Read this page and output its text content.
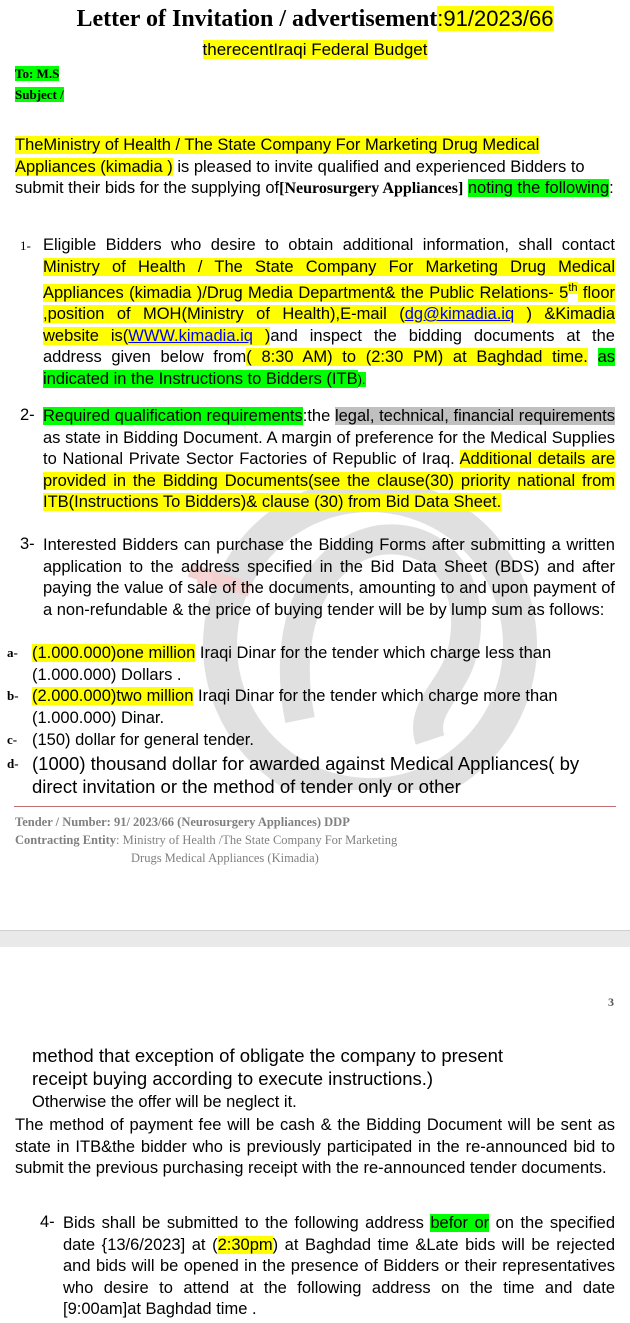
Letter of Invitation / advertisement:91/2023/66
therecentIraqi Federal Budget
To: M.S
Subject /
TheMinistry of Health / The State Company For Marketing Drug Medical Appliances (kimadia ) is pleased to invite qualified and experienced Bidders to submit their bids for the supplying of[Neurosurgery Appliances] noting the following:
1- Eligible Bidders who desire to obtain additional information, shall contact Ministry of Health / The State Company For Marketing Drug Medical Appliances (kimadia )/Drug Media Department& the Public Relations- 5th floor ,position of MOH(Ministry of Health),E-mail (dg@kimadia.iq ) &Kimadia website is(WWW.kimadia.iq )and inspect the bidding documents at the address given below from( 8:30 AM) to (2:30 PM) at Baghdad time. as indicated in the Instructions to Bidders (ITB).
2- Required qualification requirements:the legal, technical, financial requirements as state in Bidding Document. A margin of preference for the Medical Supplies to National Private Sector Factories of Republic of Iraq. Additional details are provided in the Bidding Documents(see the clause(30) priority national from ITB(Instructions To Bidders)& clause (30) from Bid Data Sheet.
3- Interested Bidders can purchase the Bidding Forms after submitting a written application to the address specified in the Bid Data Sheet (BDS) and after paying the value of sale of the documents, amounting to and upon payment of a non-refundable & the price of buying tender will be by lump sum as follows:
a- (1.000.000)one million Iraqi Dinar for the tender which charge less than (1.000.000) Dollars .
b- (2.000.000)two million Iraqi Dinar for the tender which charge more than (1.000.000) Dinar.
c- (150) dollar for general tender.
d- (1000) thousand dollar for awarded against Medical Appliances( by direct invitation or the method of tender only or other
Tender / Number: 91/ 2023/66 (Neurosurgery Appliances) DDP
Contracting Entity: Ministry of Health /The State Company For Marketing
Drugs Medical Appliances (Kimadia)
3
method that exception of obligate the company to present
receipt buying according to execute instructions.)
Otherwise the offer will be neglect it.
The method of payment fee will be cash & the Bidding Document will be sent as state in ITB&the bidder who is previously participated in the re-announced bid to submit the previous purchasing receipt with the re-announced tender documents.
4- Bids shall be submitted to the following address befor or on the specified date {13/6/2023] at (2:30pm) at Baghdad time &Late bids will be rejected and bids will be opened in the presence of Bidders or their representatives who desire to attend at the following address on the time and date [9:00am]at Baghdad time .
